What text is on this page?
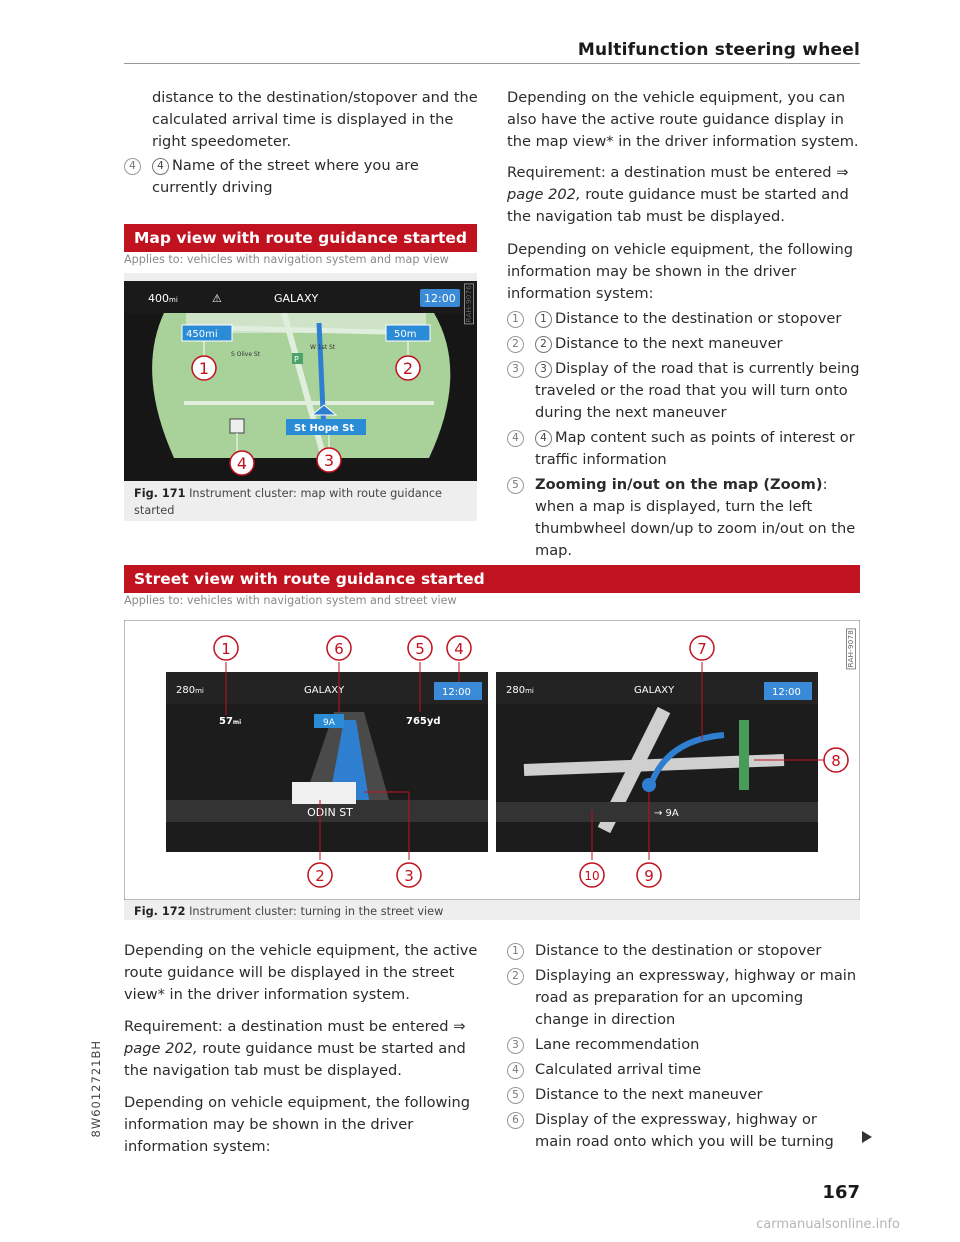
Multifunction steering wheel
distance to the destination/stopover and the calculated arrival time is displayed in the right speedometer.
4	4 Name of the street where you are currently driving
Map view with route guidance started
Applies to: vehicles with navigation system and map view
400mi	⚠	GALAXY	12:00
450mi	50m
S Olive St
W 1st St
P
St Hope St
1	2
3
4
RAH-9076
Fig. 171 Instrument cluster: map with route guidance started
Depending on the vehicle equipment, you can also have the active route guidance display in the map view* in the driver information system.
Requirement: a destination must be entered ⇒ page 202, route guidance must be started and the navigation tab must be displayed.
Depending on vehicle equipment, the following information may be shown in the driver information system:
1	1 Distance to the destination or stopover
2	2 Distance to the next maneuver
3	3 Display of the road that is currently being traveled or the road that you will turn onto during the next maneuver
4	4 Map content such as points of interest or traffic information
5	Zooming in/out on the map (Zoom): when a map is displayed, turn the left thumbwheel down/up to zoom in/out on the map.
Street view with route guidance started
Applies to: vehicles with navigation system and street view
280mi	GALAXY	12:00
57mi	765yd
9A
ODIN ST
280mi	GALAXY	12:00
→ 9A
1	6	5 4	7
8
2	3	10	9
RAH-9078
Fig. 172 Instrument cluster: turning in the street view
Depending on the vehicle equipment, the active route guidance will be displayed in the street view* in the driver information system.
Requirement: a destination must be entered ⇒ page 202, route guidance must be started and the navigation tab must be displayed.
Depending on vehicle equipment, the following information may be shown in the driver information system:
1	Distance to the destination or stopover
2	Displaying an expressway, highway or main road as preparation for an upcoming change in direction
3	Lane recommendation
4	Calculated arrival time
5	Distance to the next maneuver
6	Display of the expressway, highway or main road onto which you will be turning
8W6012721BH
167
carmanualsonline.info
